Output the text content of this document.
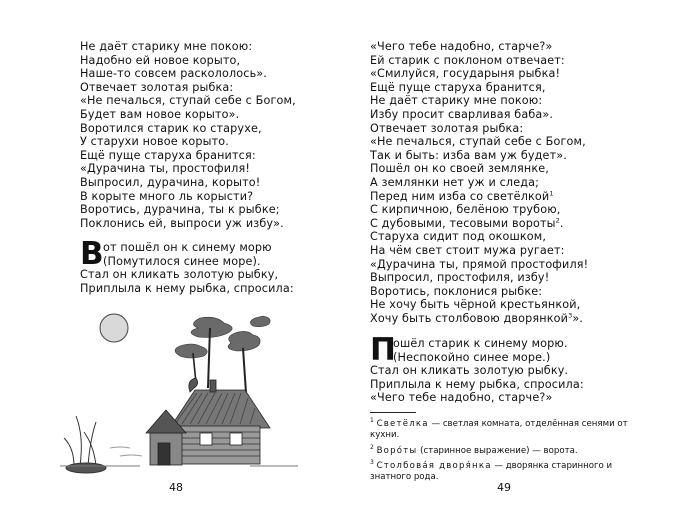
Не даёт старику мне покою:
Надобно ей новое корыто,
Наше-то совсем раскололось».
Отвечает золотая рыбка:
«Не печалься, ступай себе с Богом,
Будет вам новое корыто».
Воротился старик ко старухе,
У старухи новое корыто.
Ещё пуще старуха бранится:
«Дурачина ты, простофиля!
Выпросил, дурачина, корыто!
В корыте много ль корысти?
Воротись, дурачина, ты к рыбке;
Поклонись ей, выпроси уж избу».
В от пошёл он к синему морю
(Помутилося синее море).
Стал он кликать золотую рыбку,
Приплыла к нему рыбка, спросила:
48
«Чего тебе надобно, старче?»
Ей старик с поклоном отвечает:
«Смилуйся, государыня рыбка!
Ещё пуще старуха бранится,
Не даёт старику мне покою:
Избу просит сварливая баба».
Отвечает золотая рыбка:
«Не печалься, ступай себе с Богом,
Так и быть: изба вам уж будет».
Пошёл он ко своей землянке,
А землянки нет уж и следа;
Перед ним изба со светёлкой$^1$
С кирпичною, белёною трубою,
С дубовыми, тесовыми вороты$^2$.
Старуха сидит под окошком,
На чём свет стоит мужа ругает:
«Дурачина ты, прямой простофиля!
Выпросил, простофиля, избу!
Воротись, поклонися рыбке:
Не хочу быть чёрной крестьянкой,
Хочу быть столбовою дворянкой$^3$».
П
ошёл старик к синему морю.
(Неспокойно синее море.)
Стал он кликать золотую рыбку.
Приплыла к нему рыбка, спросила:
«Чего тебе надобно, старче?»
49
$^1$ Светёлка — светлая комната, отделённая сенями от кухни.
$^2$ Воро́ты (старинное выражение) — ворота.
$^3$ Столбова́я дворя́нка — дворянка старинного и знатного рода.
